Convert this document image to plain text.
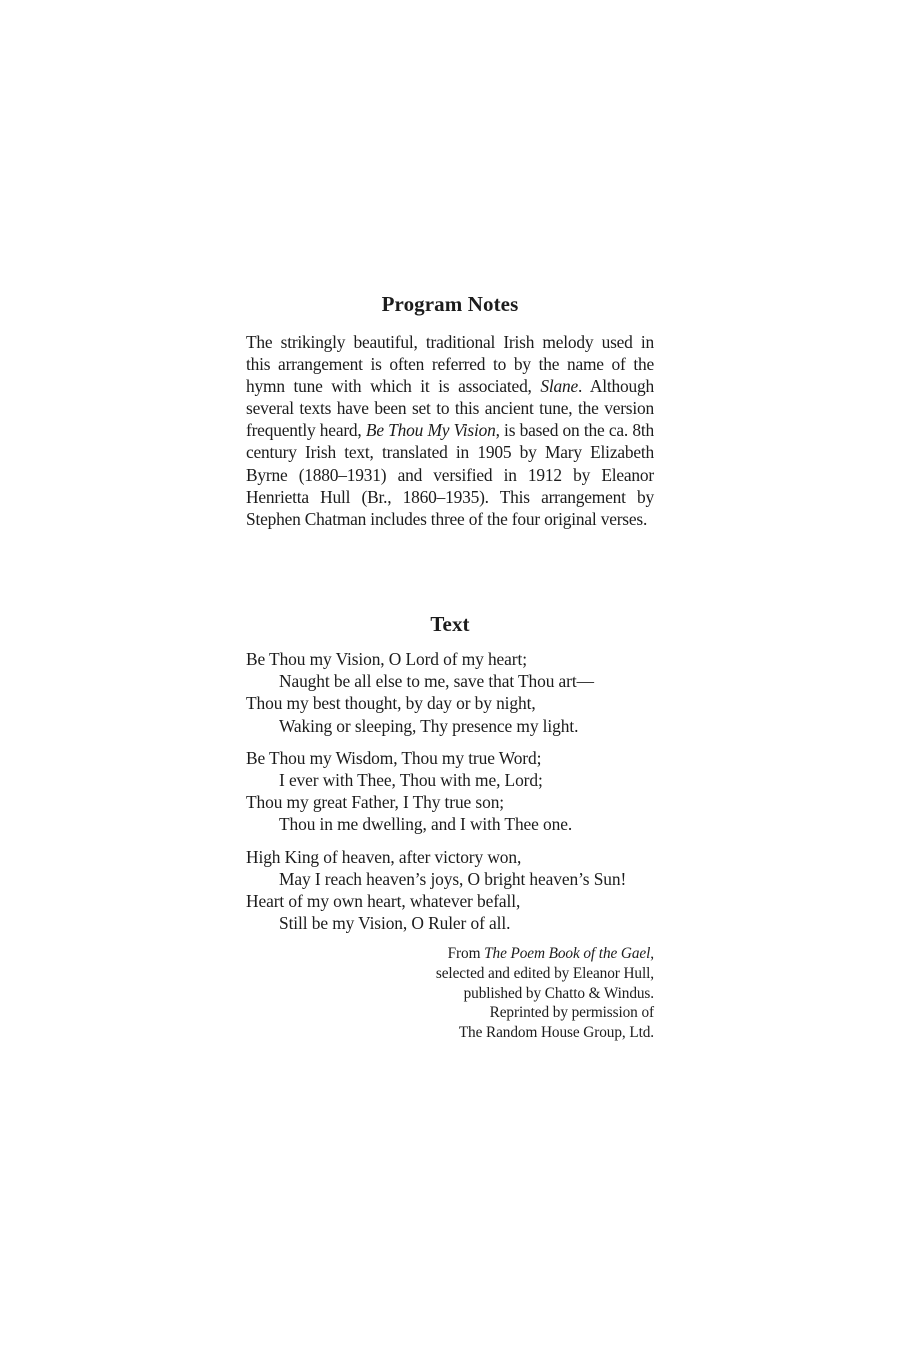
Program Notes

The strikingly beautiful, traditional Irish melody used in this arrangement is often referred to by the name of the hymn tune with which it is associated, Slane. Although several texts have been set to this ancient tune, the version frequently heard, Be Thou My Vision, is based on the ca. 8th century Irish text, translated in 1905 by Mary Elizabeth Byrne (1880–1931) and versified in 1912 by Eleanor Henrietta Hull (Br., 1860–1935). This arrangement by Stephen Chatman includes three of the four original verses.

Text
Be Thou my Vision, O Lord of my heart;
Naught be all else to me, save that Thou art—
Thou my best thought, by day or by night,
Waking or sleeping, Thy presence my light.
Be Thou my Wisdom, Thou my true Word;
I ever with Thee, Thou with me, Lord;
Thou my great Father, I Thy true son;
Thou in me dwelling, and I with Thee one.
High King of heaven, after victory won,
May I reach heaven’s joys, O bright heaven’s Sun!
Heart of my own heart, whatever befall,
Still be my Vision, O Ruler of all.
From The Poem Book of the Gael,
selected and edited by Eleanor Hull,
published by Chatto & Windus.
Reprinted by permission of
The Random House Group, Ltd.
